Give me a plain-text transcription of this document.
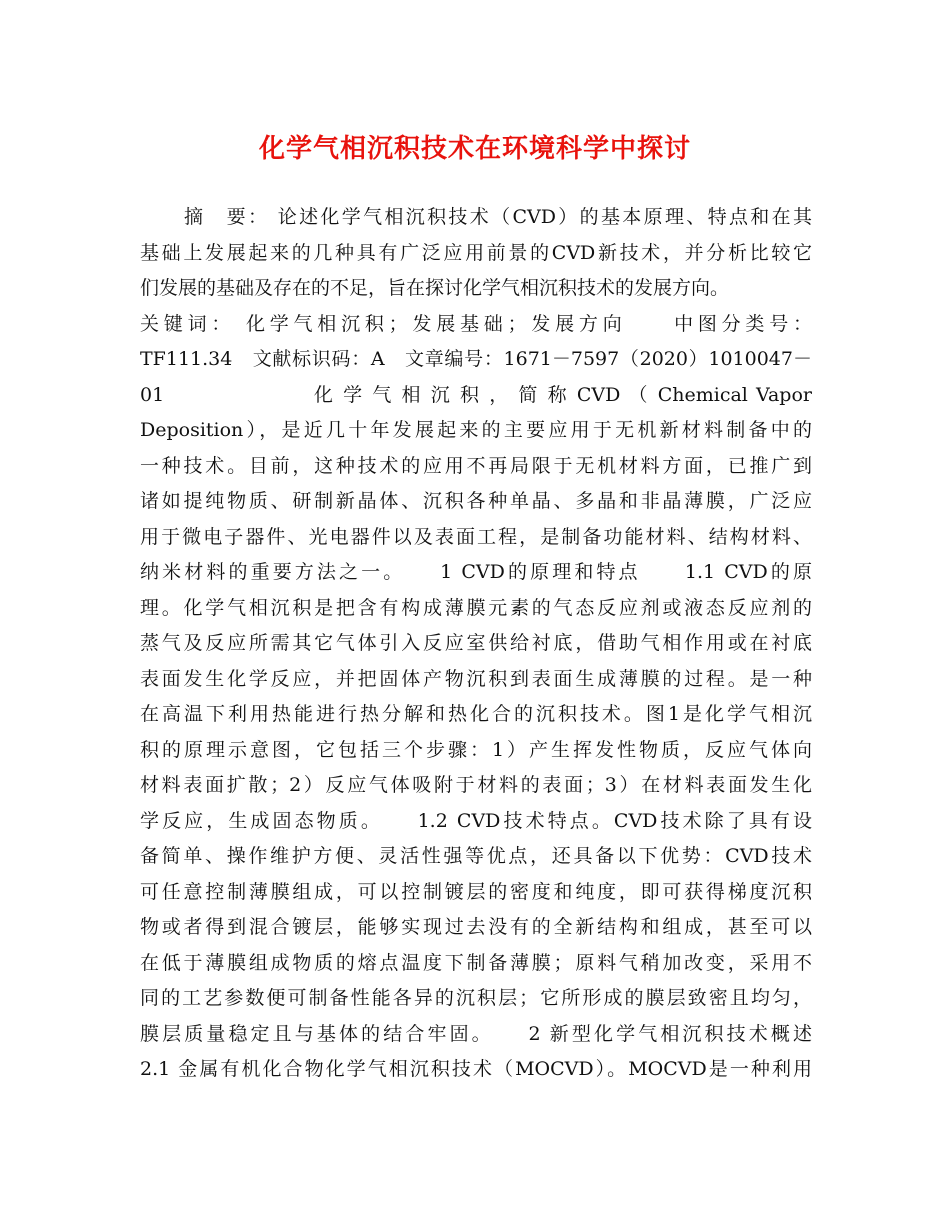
化学气相沉积技术在环境科学中探讨
摘　要： 论述化学气相沉积技术（CVD）的基本原理、特点和在其
基础上发展起来的几种具有广泛应用前景的CVD新技术，并分析比较它
们发展的基础及存在的不足，旨在探讨化学气相沉积技术的发展方向。
关键词： 化学气相沉积；发展基础；发展方向　　中图分类号：
TF111.34　文献标识码：A　文章编号：1671－7597（2020）1010047－
01　　　　　　　化 学 气 相 沉 积 ， 简 称 CVD （ Chemical Vapor
Deposition），是近几十年发展起来的主要应用于无机新材料制备中的
一种技术。目前，这种技术的应用不再局限于无机材料方面，已推广到
诸如提纯物质、研制新晶体、沉积各种单晶、多晶和非晶薄膜，广泛应
用于微电子器件、光电器件以及表面工程，是制备功能材料、结构材料、
纳米材料的重要方法之一。　　1 CVD的原理和特点　　1.1 CVD的原
理。化学气相沉积是把含有构成薄膜元素的气态反应剂或液态反应剂的
蒸气及反应所需其它气体引入反应室供给衬底，借助气相作用或在衬底
表面发生化学反应，并把固体产物沉积到表面生成薄膜的过程。是一种
在高温下利用热能进行热分解和热化合的沉积技术。图1是化学气相沉
积的原理示意图，它包括三个步骤：1）产生挥发性物质，反应气体向
材料表面扩散；2）反应气体吸附于材料的表面；3）在材料表面发生化
学反应，生成固态物质。　　1.2 CVD技术特点。CVD技术除了具有设
备简单、操作维护方便、灵活性强等优点，还具备以下优势：CVD技术
可任意控制薄膜组成，可以控制镀层的密度和纯度，即可获得梯度沉积
物或者得到混合镀层，能够实现过去没有的全新结构和组成，甚至可以
在低于薄膜组成物质的熔点温度下制备薄膜；原料气稍加改变，采用不
同的工艺参数便可制备性能各异的沉积层；它所形成的膜层致密且均匀，
膜层质量稳定且与基体的结合牢固。　　2 新型化学气相沉积技术概述
2.1 金属有机化合物化学气相沉积技术（MOCVD）。MOCVD是一种利用
